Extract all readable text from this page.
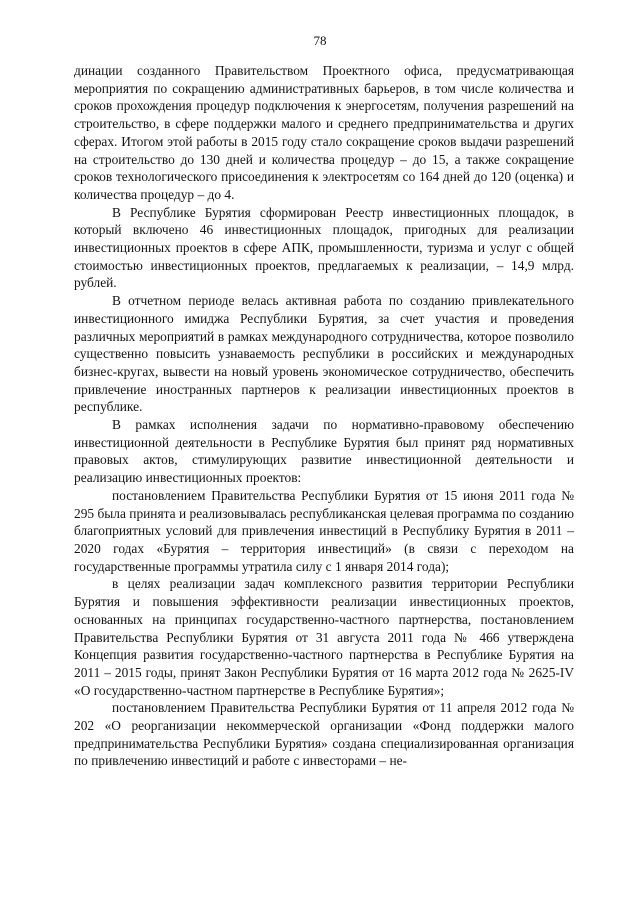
78

динации созданного Правительством Проектного офиса, предусматривающая мероприятия по сокращению административных барьеров, в том числе количества и сроков прохождения процедур подключения к энергосетям, получения разрешений на строительство, в сфере поддержки малого и среднего предпринимательства и других сферах. Итогом этой работы в 2015 году стало сокращение сроков выдачи разрешений на строительство до 130 дней и количества процедур – до 15, а также сокращение сроков технологического присоединения к электросетям со 164 дней до 120 (оценка) и количества процедур – до 4.

В Республике Бурятия сформирован Реестр инвестиционных площадок, в который включено 46 инвестиционных площадок, пригодных для реализации инвестиционных проектов в сфере АПК, промышленности, туризма и услуг с общей стоимостью инвестиционных проектов, предлагаемых к реализации, – 14,9 млрд. рублей.

В отчетном периоде велась активная работа по созданию привлекательного инвестиционного имиджа Республики Бурятия, за счет участия и проведения различных мероприятий в рамках международного сотрудничества, которое позволило существенно повысить узнаваемость республики в российских и международных бизнес-кругах, вывести на новый уровень экономическое сотрудничество, обеспечить привлечение иностранных партнеров к реализации инвестиционных проектов в республике.

В рамках исполнения задачи по нормативно-правовому обеспечению инвестиционной деятельности в Республике Бурятия был принят ряд нормативных правовых актов, стимулирующих развитие инвестиционной деятельности и реализацию инвестиционных проектов:

постановлением Правительства Республики Бурятия от 15 июня 2011 года № 295 была принята и реализовывалась республиканская целевая программа по созданию благоприятных условий для привлечения инвестиций в Республику Бурятия в 2011 – 2020 годах «Бурятия – территория инвестиций» (в связи с переходом на государственные программы утратила силу с 1 января 2014 года);

в целях реализации задач комплексного развития территории Республики Бурятия и повышения эффективности реализации инвестиционных проектов, основанных на принципах государственно-частного партнерства, постановлением Правительства Республики Бурятия от 31 августа 2011 года № 466 утверждена Концепция развития государственно-частного партнерства в Республике Бурятия на 2011 – 2015 годы, принят Закон Республики Бурятия от 16 марта 2012 года № 2625-IV «О государственно-частном партнерстве в Республике Бурятия»;

постановлением Правительства Республики Бурятия от 11 апреля 2012 года № 202 «О реорганизации некоммерческой организации «Фонд поддержки малого предпринимательства Республики Бурятия» создана специализированная организация по привлечению инвестиций и работе с инвесторами – не-
